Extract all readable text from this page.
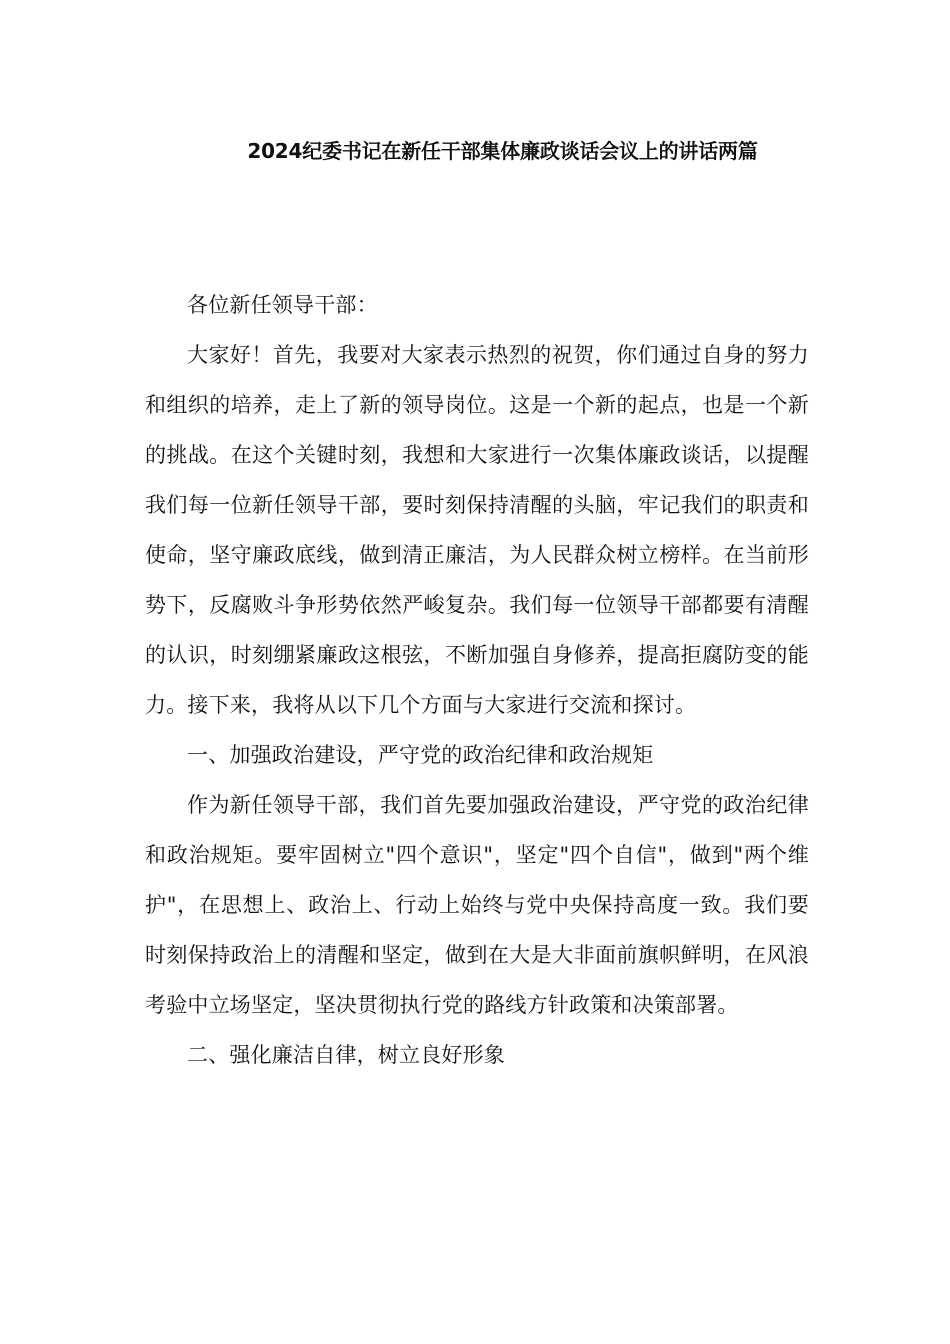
2024纪委书记在新任干部集体廉政谈话会议上的讲话两篇

各位新任领导干部：

大家好！首先，我要对大家表示热烈的祝贺，你们通过自身的努力和组织的培养，走上了新的领导岗位。这是一个新的起点，也是一个新的挑战。在这个关键时刻，我想和大家进行一次集体廉政谈话，以提醒我们每一位新任领导干部，要时刻保持清醒的头脑，牢记我们的职责和使命，坚守廉政底线，做到清正廉洁，为人民群众树立榜样。在当前形势下，反腐败斗争形势依然严峻复杂。我们每一位领导干部都要有清醒的认识，时刻绷紧廉政这根弦，不断加强自身修养，提高拒腐防变的能力。接下来，我将从以下几个方面与大家进行交流和探讨。

一、加强政治建设，严守党的政治纪律和政治规矩

作为新任领导干部，我们首先要加强政治建设，严守党的政治纪律和政治规矩。要牢固树立"四个意识"，坚定"四个自信"，做到"两个维护"，在思想上、政治上、行动上始终与党中央保持高度一致。我们要时刻保持政治上的清醒和坚定，做到在大是大非面前旗帜鲜明，在风浪考验中立场坚定，坚决贯彻执行党的路线方针政策和决策部署。

二、强化廉洁自律，树立良好形象
